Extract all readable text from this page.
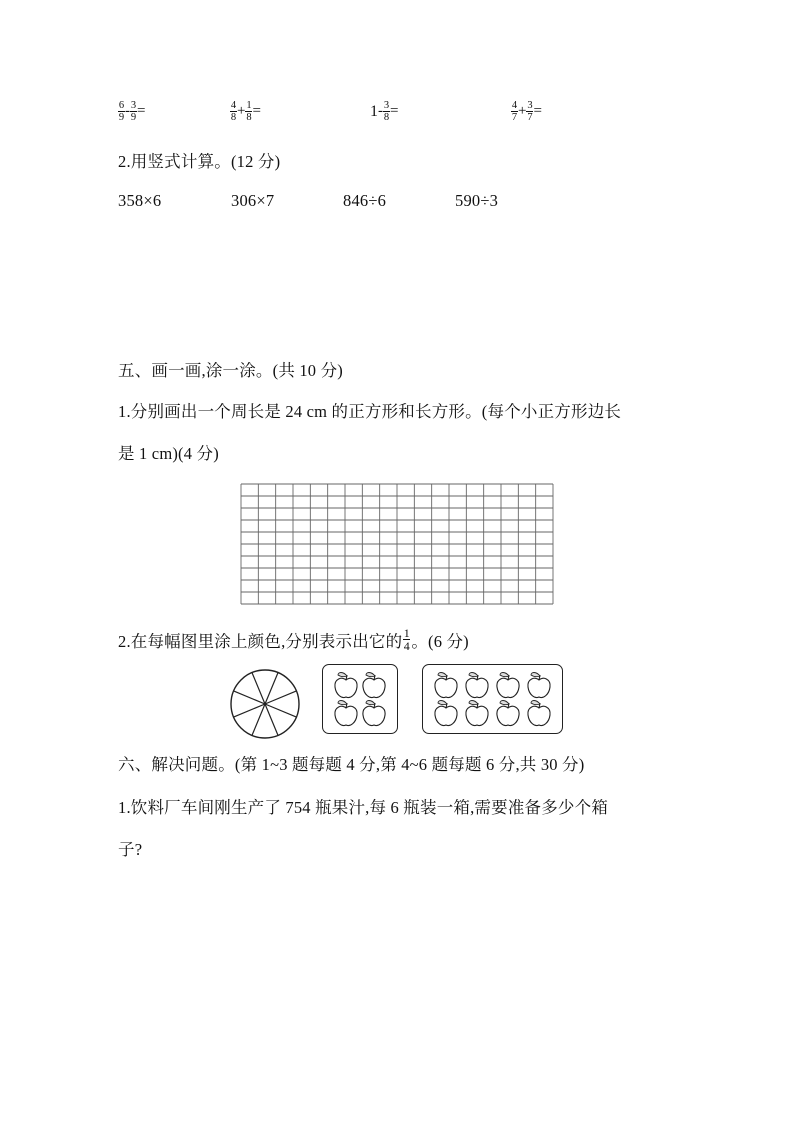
$\frac{6}{9} - \frac{3}{9}$ =	$\frac{4}{8} + \frac{1}{8}$ =	$1 - \frac{3}{8}$ =	$\frac{4}{7} + \frac{3}{7}$ =
2.用竖式计算。(12 分)
358×6	306×7	846÷6	590÷3
五、画一画,涂一涂。(共 10 分)
1.分别画出一个周长是 24 cm 的正方形和长方形。(每个小正方形边长
是 1 cm)(4 分)
2.在每幅图里涂上颜色,分别表示出它的 $\frac{1}{4}$ 。(6 分)
六、解决问题。(第 1~3 题每题 4 分,第 4~6 题每题 6 分,共 30 分)
1.饮料厂车间刚生产了 754 瓶果汁,每 6 瓶装一箱,需要准备多少个箱
子?
